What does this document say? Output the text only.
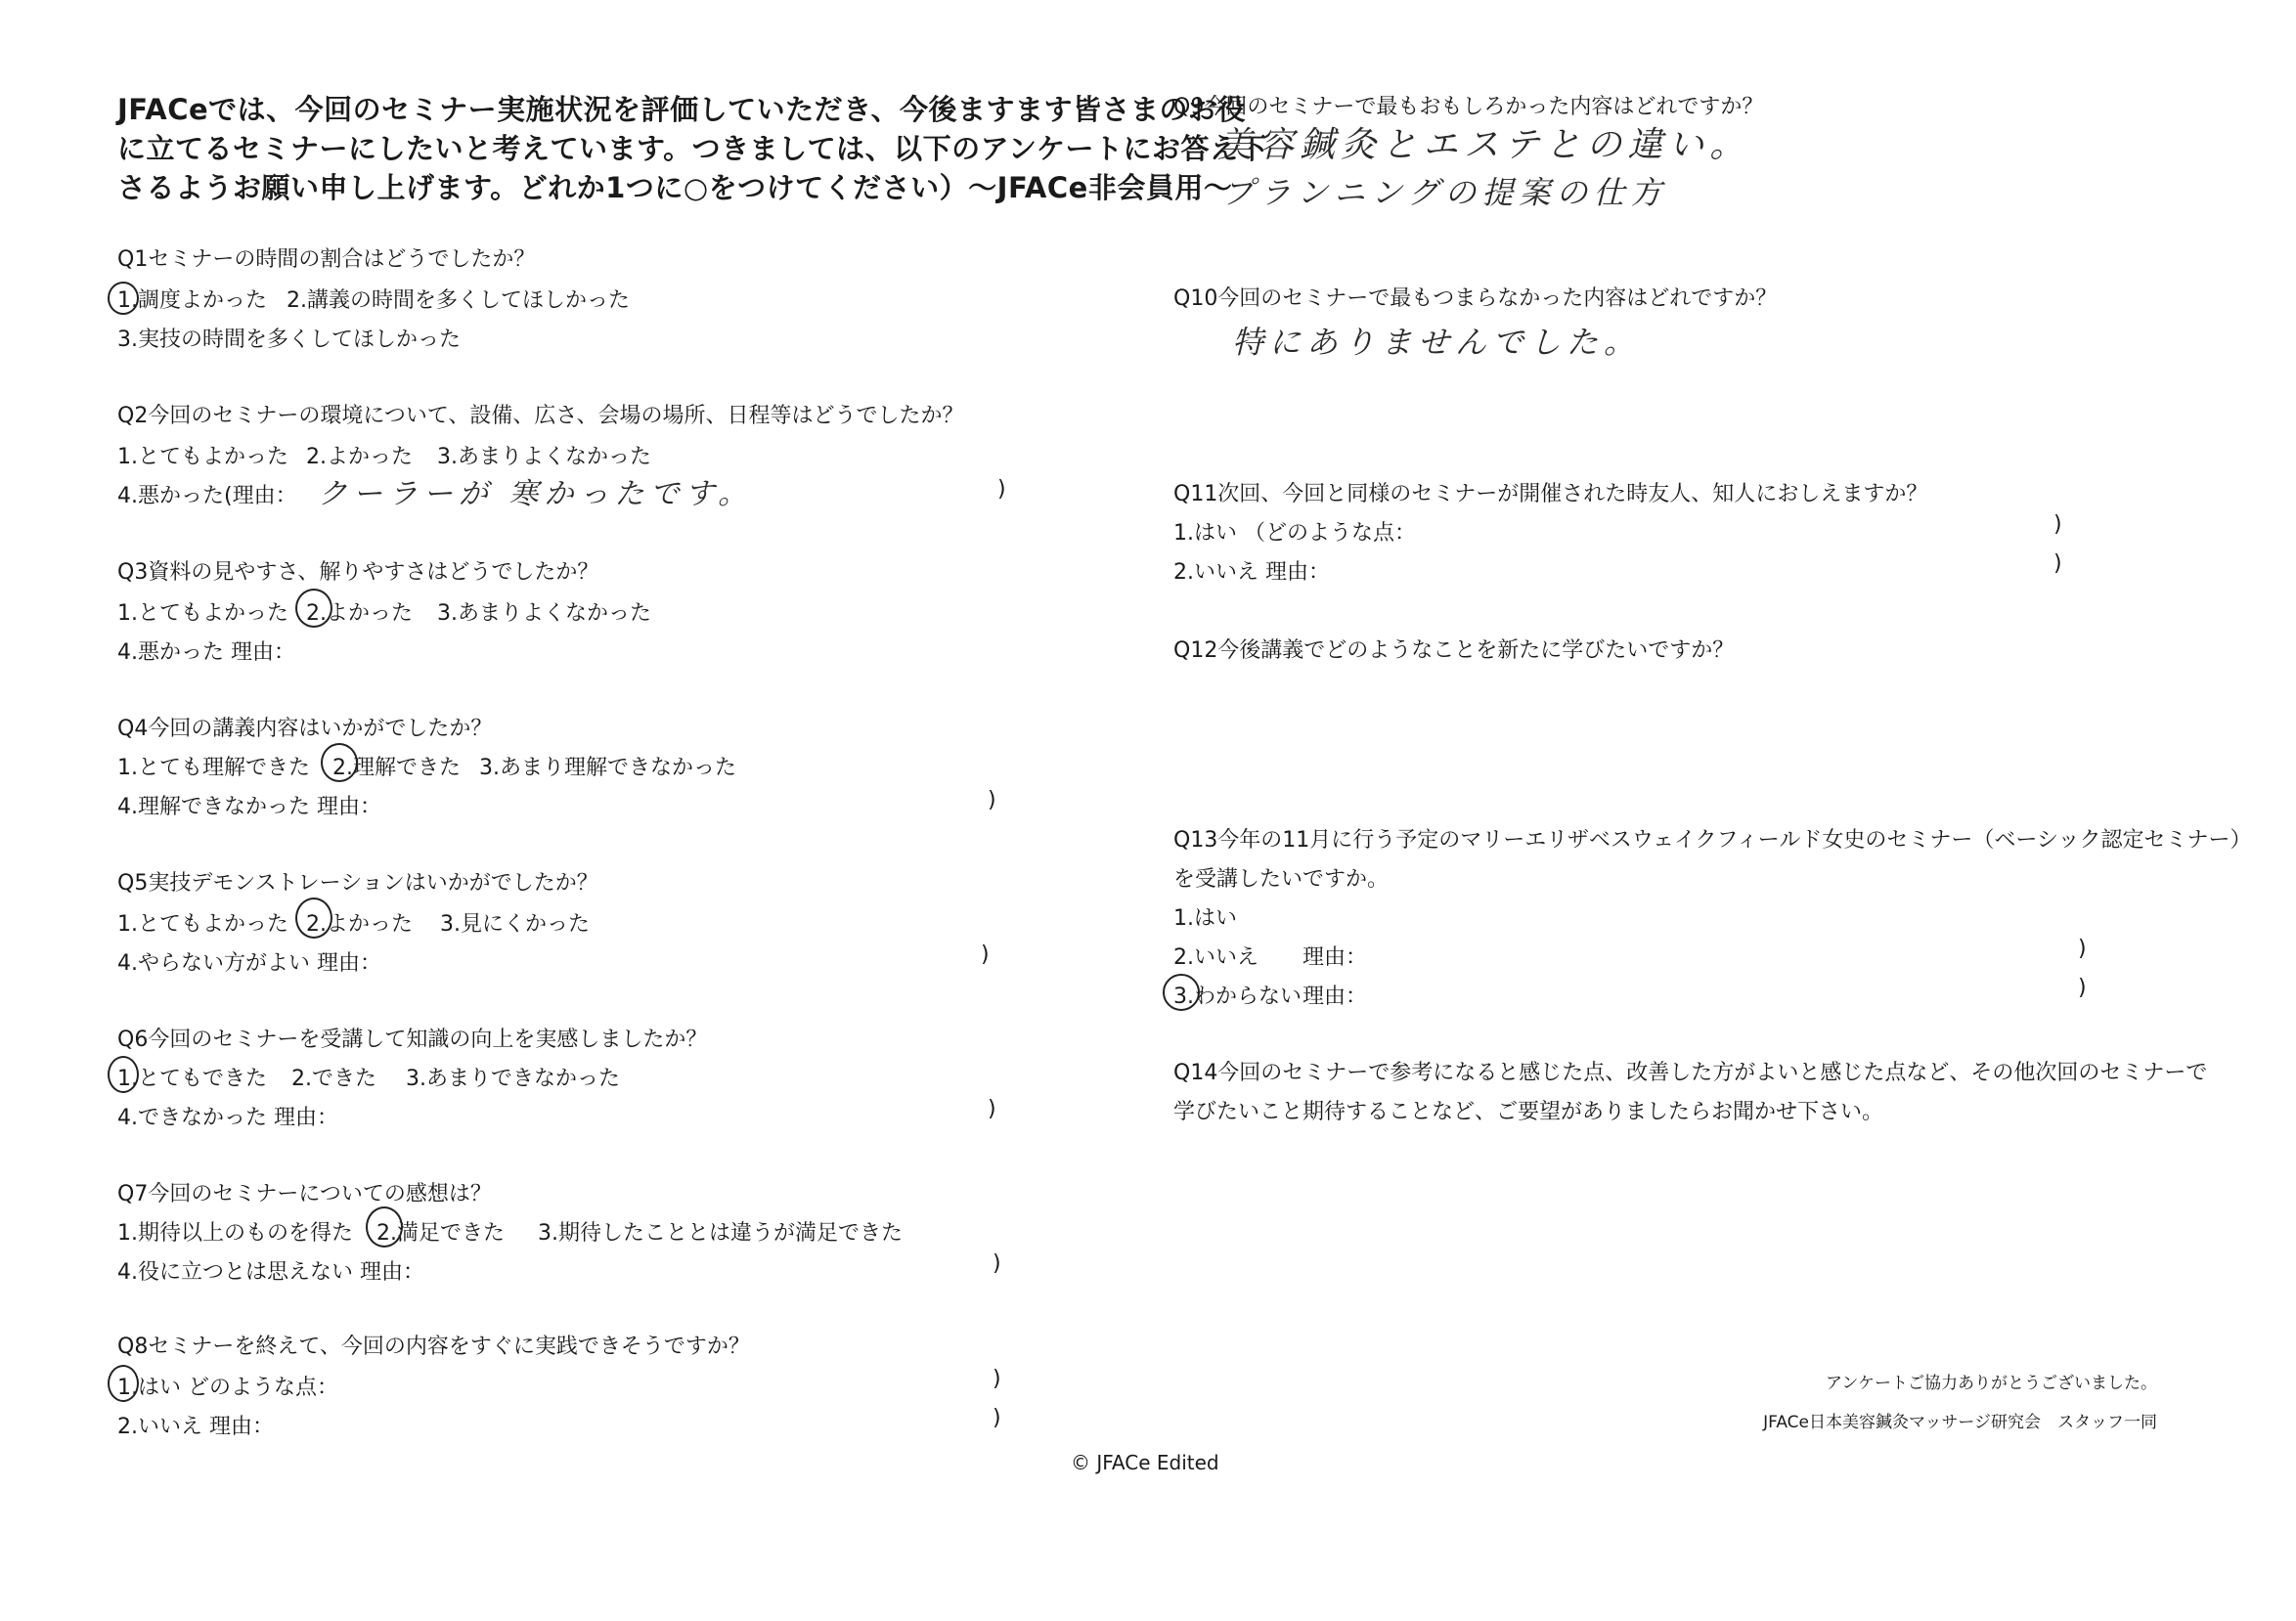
JFACeでは、今回のセミナー実施状況を評価していただき、今後ますます皆さまのお役
に立てるセミナーにしたいと考えています。つきましては、以下のアンケートにお答え下
さるようお願い申し上げます。どれか1つに○をつけてください）～JFACe非会員用～
Q1セミナーの時間の割合はどうでしたか？
1.調度よかった 2.講義の時間を多くしてほしかった
3.実技の時間を多くしてほしかった
Q2今回のセミナーの環境について、設備、広さ、会場の場所、日程等はどうでしたか？
1.とてもよかった 2.よかった 3.あまりよくなかった
4.悪かった(理由： クーラーが 寒かったです。	)
Q3資料の見やすさ、解りやすさはどうでしたか？
1.とてもよかった 2.よかった 3.あまりよくなかった
4.悪かった 理由：
Q4今回の講義内容はいかがでしたか？
1.とても理解できた 2.理解できた 3.あまり理解できなかった
4.理解できなかった 理由：	)
Q5実技デモンストレーションはいかがでしたか？
1.とてもよかった 2.よかった 3.見にくかった
4.やらない方がよい 理由：	)
Q6今回のセミナーを受講して知識の向上を実感しましたか？
1.とてもできた 2.できた 3.あまりできなかった
4.できなかった 理由：	)
Q7今回のセミナーについての感想は？
1.期待以上のものを得た 2.満足できた 3.期待したこととは違うが満足できた
4.役に立つとは思えない 理由：	)
Q8セミナーを終えて、今回の内容をすぐに実践できそうですか？
1.はい どのような点：	)
2.いいえ 理由：	)
Q9今回のセミナーで最もおもしろかった内容はどれですか？
美容鍼灸とエステとの違い。
プランニングの提案の仕方
Q10今回のセミナーで最もつまらなかった内容はどれですか？
特にありませんでした。
Q11次回、今回と同様のセミナーが開催された時友人、知人におしえますか？
1.はい （どのような点：	)
2.いいえ 理由：	)
Q12今後講義でどのようなことを新たに学びたいですか？
Q13今年の11月に行う予定のマリーエリザベスウェイクフィールド女史のセミナー（ベーシック認定セミナー）
を受講したいですか。
1.はい
2.いいえ 理由：	)
3.わからない 理由：	)
Q14今回のセミナーで参考になると感じた点、改善した方がよいと感じた点など、その他次回のセミナーで
学びたいこと期待することなど、ご要望がありましたらお聞かせ下さい。
アンケートご協力ありがとうございました。
JFACe日本美容鍼灸マッサージ研究会　スタッフ一同
© JFACe Edited
